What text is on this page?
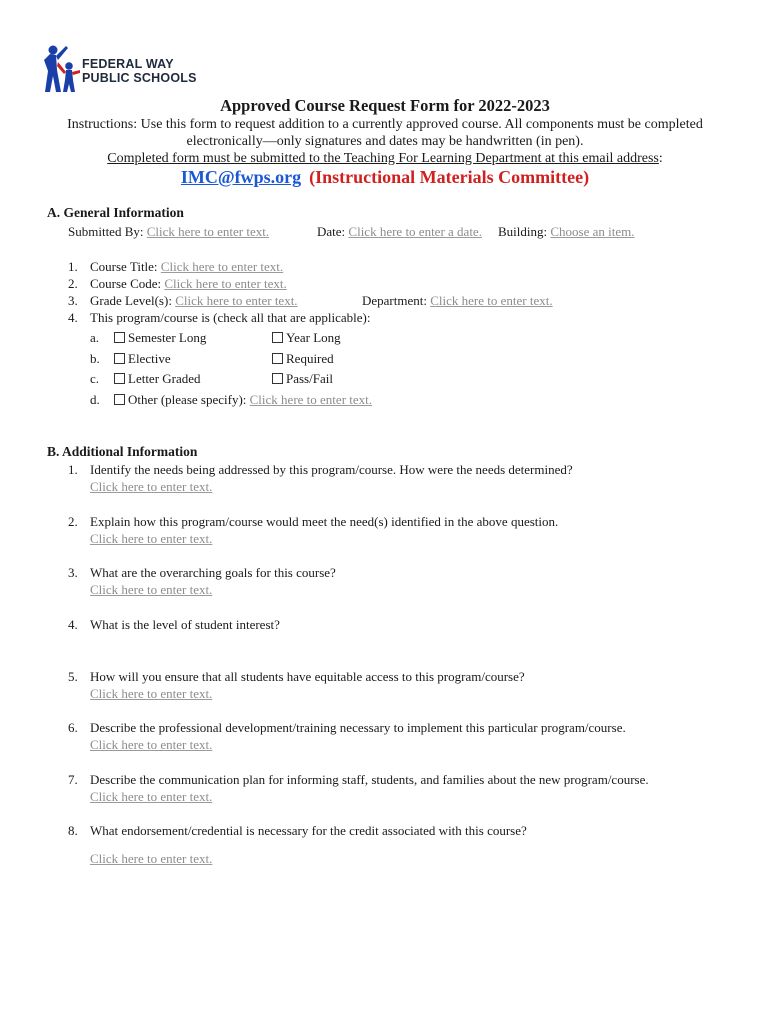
FEDERAL WAY
PUBLIC SCHOOLS
Approved Course Request Form for 2022-2023
Instructions: Use this form to request addition to a currently approved course. All components must be completed
electronically—only signatures and dates may be handwritten (in pen).
Completed form must be submitted to the Teaching For Learning Department at this email address:
IMC@fwps.org (Instructional Materials Committee)
A. General Information
Submitted By: Click here to enter text.	Date: Click here to enter a date. Building: Choose an item.
1. Course Title: Click here to enter text.
2. Course Code: Click here to enter text.
3. Grade Level(s): Click here to enter text.	Department: Click here to enter text.
4. This program/course is (check all that are applicable):
a.	Semester Long	Year Long
b.	Elective	Required
c.	Letter Graded	Pass/Fail
d.	Other (please specify): Click here to enter text.
B. Additional Information
1. Identify the needs being addressed by this program/course. How were the needs determined?
Click here to enter text.
2. Explain how this program/course would meet the need(s) identified in the above question.
Click here to enter text.
3. What are the overarching goals for this course?
Click here to enter text.
4. What is the level of student interest?
5. How will you ensure that all students have equitable access to this program/course?
Click here to enter text.
6. Describe the professional development/training necessary to implement this particular program/course.
Click here to enter text.
7. Describe the communication plan for informing staff, students, and families about the new program/course.
Click here to enter text.
8. What endorsement/credential is necessary for the credit associated with this course?
Click here to enter text.
